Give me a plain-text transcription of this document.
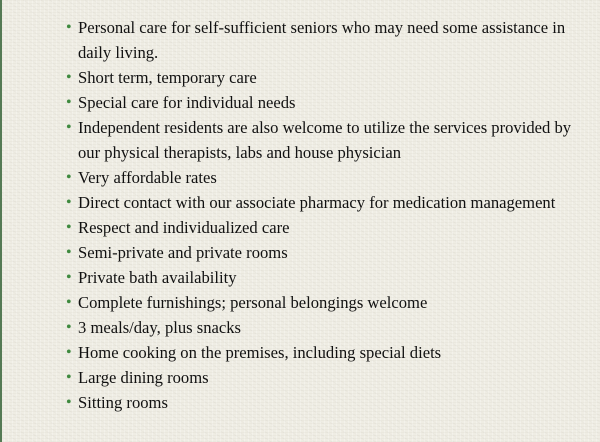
• Personal care for self-sufficient seniors who may need some assistance in daily living.
• Short term, temporary care
• Special care for individual needs
• Independent residents are also welcome to utilize the services provided by our physical therapists, labs and house physician
• Very affordable rates
• Direct contact with our associate pharmacy for medication management
• Respect and individualized care
• Semi-private and private rooms
• Private bath availability
• Complete furnishings; personal belongings welcome
• 3 meals/day, plus snacks
• Home cooking on the premises, including special diets
• Large dining rooms
• Sitting rooms
